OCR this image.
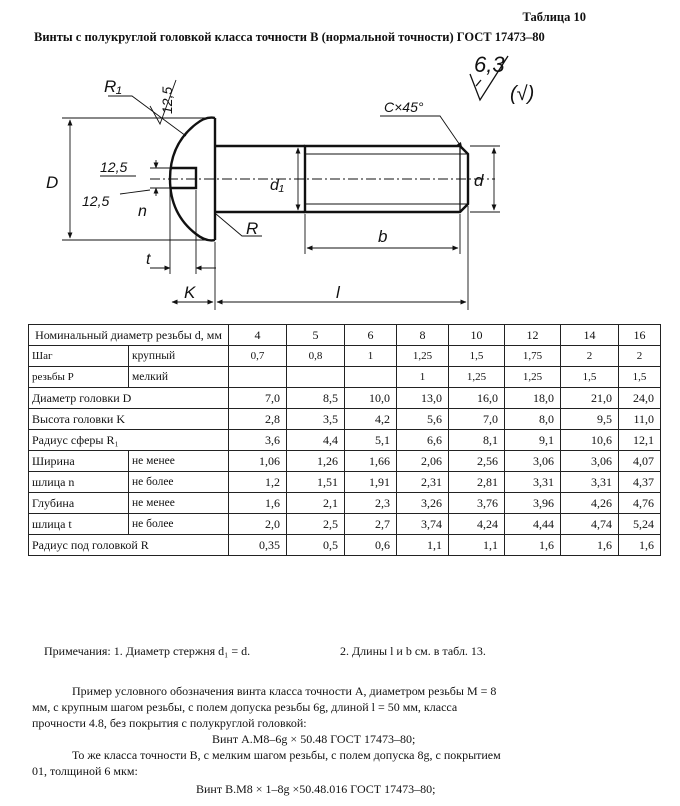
Таблица 10
Винты с полукруглой головкой класса точности В (нормальной точности) ГОСТ 17473–80
6,3
(√)
D	d₁	d
C×45°
R₁
12,5
12,5
12,5
n
R	b
t
K	l
Номинальный диаметр резьбы d, мм		4	5	6	8	10	12	14	16
Шаг	крупный	0,7	0,8	1	1,25	1,5	1,75	2	2
резьбы Р	мелкий				1	1,25	1,25	1,5	1,5
Диаметр головки D		7,0	8,5	10,0	13,0	16,0	18,0	21,0	24,0
Высота головки K		2,8	3,5	4,2	5,6	7,0	8,0	9,5	11,0
Радиус сферы R₁		3,6	4,4	5,1	6,6	8,1	9,1	10,6	12,1
Ширина	не менее	1,06	1,26	1,66	2,06	2,56	3,06	3,06	4,07
шлица n	не более	1,2	1,51	1,91	2,31	2,81	3,31	3,31	4,37
Глубина	не менее	1,6	2,1	2,3	3,26	3,76	3,96	4,26	4,76
шлица t	не более	2,0	2,5	2,7	3,74	4,24	4,44	4,74	5,24
Радиус под головкой R		0,35	0,5	0,6	1,1	1,1	1,6	1,6	1,6
Примечания: 1. Диаметр стержня d₁ = d.	2. Длины l и b см. в табл. 13.
Пример условного обозначения винта класса точности А, диаметром резьбы М = 8
мм, с крупным шагом резьбы, с полем допуска резьбы 6g, длиной l = 50 мм, класса
прочности 4.8, без покрытия с полукруглой головкой:
Винт А.М8–6g × 50.48 ГОСТ 17473–80;
То же класса точности В, с мелким шагом резьбы, с полем допуска 8g, с покрытием
01, толщиной 6 мкм:
Винт В.М8 × 1–8g ×50.48.016 ГОСТ 17473–80;
